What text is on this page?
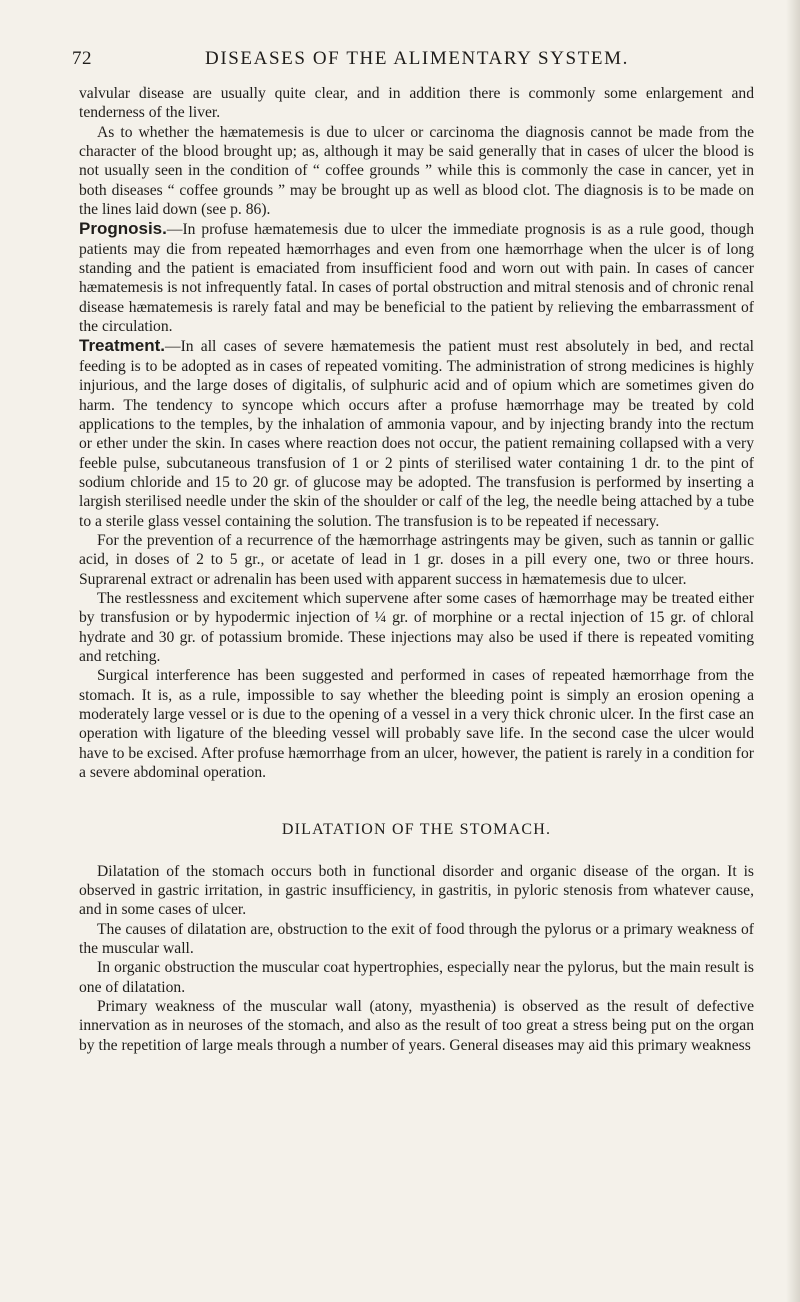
72	DISEASES OF THE ALIMENTARY SYSTEM.

valvular disease are usually quite clear, and in addition there is commonly some enlargement and tenderness of the liver.

As to whether the hæmatemesis is due to ulcer or carcinoma the diagnosis cannot be made from the character of the blood brought up; as, although it may be said generally that in cases of ulcer the blood is not usually seen in the condition of “ coffee grounds ” while this is commonly the case in cancer, yet in both diseases “ coffee grounds ” may be brought up as well as blood clot. The diagnosis is to be made on the lines laid down (see p. 86).

Prognosis.—In profuse hæmatemesis due to ulcer the immediate prognosis is as a rule good, though patients may die from repeated hæmorrhages and even from one hæmorrhage when the ulcer is of long standing and the patient is emaciated from insufficient food and worn out with pain. In cases of cancer hæmatemesis is not infrequently fatal. In cases of portal obstruction and mitral stenosis and of chronic renal disease hæmatemesis is rarely fatal and may be beneficial to the patient by relieving the embarrassment of the circulation.

Treatment.—In all cases of severe hæmatemesis the patient must rest absolutely in bed, and rectal feeding is to be adopted as in cases of repeated vomiting. The administration of strong medicines is highly injurious, and the large doses of digitalis, of sulphuric acid and of opium which are sometimes given do harm. The tendency to syncope which occurs after a profuse hæmorrhage may be treated by cold applications to the temples, by the inhalation of ammonia vapour, and by injecting brandy into the rectum or ether under the skin. In cases where reaction does not occur, the patient remaining collapsed with a very feeble pulse, subcutaneous transfusion of 1 or 2 pints of sterilised water containing 1 dr. to the pint of sodium chloride and 15 to 20 gr. of glucose may be adopted. The transfusion is performed by inserting a largish sterilised needle under the skin of the shoulder or calf of the leg, the needle being attached by a tube to a sterile glass vessel containing the solution. The transfusion is to be repeated if necessary.

For the prevention of a recurrence of the hæmorrhage astringents may be given, such as tannin or gallic acid, in doses of 2 to 5 gr., or acetate of lead in 1 gr. doses in a pill every one, two or three hours. Suprarenal extract or adrenalin has been used with apparent success in hæmatemesis due to ulcer.

The restlessness and excitement which supervene after some cases of hæmorrhage may be treated either by transfusion or by hypodermic injection of ¼ gr. of morphine or a rectal injection of 15 gr. of chloral hydrate and 30 gr. of potassium bromide. These injections may also be used if there is repeated vomiting and retching.

Surgical interference has been suggested and performed in cases of repeated hæmorrhage from the stomach. It is, as a rule, impossible to say whether the bleeding point is simply an erosion opening a moderately large vessel or is due to the opening of a vessel in a very thick chronic ulcer. In the first case an operation with ligature of the bleeding vessel will probably save life. In the second case the ulcer would have to be excised. After profuse hæmorrhage from an ulcer, however, the patient is rarely in a condition for a severe abdominal operation.

DILATATION OF THE STOMACH.

Dilatation of the stomach occurs both in functional disorder and organic disease of the organ. It is observed in gastric irritation, in gastric insufficiency, in gastritis, in pyloric stenosis from whatever cause, and in some cases of ulcer.

The causes of dilatation are, obstruction to the exit of food through the pylorus or a primary weakness of the muscular wall.

In organic obstruction the muscular coat hypertrophies, especially near the pylorus, but the main result is one of dilatation.

Primary weakness of the muscular wall (atony, myasthenia) is observed as the result of defective innervation as in neuroses of the stomach, and also as the result of too great a stress being put on the organ by the repetition of large meals through a number of years. General diseases may aid this primary weakness
